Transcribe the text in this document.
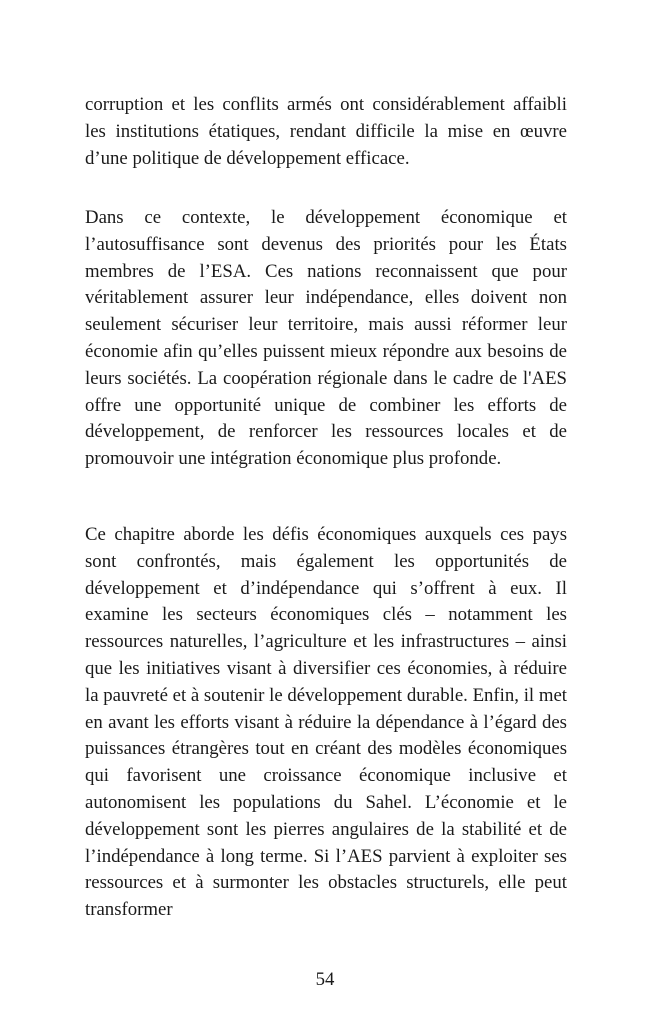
corruption et les conflits armés ont considérablement affaibli les institutions étatiques, rendant difficile la mise en œuvre d’une politique de développement efficace.

Dans ce contexte, le développement économique et l’autosuffisance sont devenus des priorités pour les États membres de l’ESA. Ces nations reconnaissent que pour véritablement assurer leur indépendance, elles doivent non seulement sécuriser leur territoire, mais aussi réformer leur économie afin qu’elles puissent mieux répondre aux besoins de leurs sociétés. La coopération régionale dans le cadre de l'AES offre une opportunité unique de combiner les efforts de développement, de renforcer les ressources locales et de promouvoir une intégration économique plus profonde.

Ce chapitre aborde les défis économiques auxquels ces pays sont confrontés, mais également les opportunités de développement et d’indépendance qui s’offrent à eux. Il examine les secteurs économiques clés – notamment les ressources naturelles, l’agriculture et les infrastructures – ainsi que les initiatives visant à diversifier ces économies, à réduire la pauvreté et à soutenir le développement durable. Enfin, il met en avant les efforts visant à réduire la dépendance à l’égard des puissances étrangères tout en créant des modèles économiques qui favorisent une croissance économique inclusive et autonomisent les populations du Sahel. L’économie et le développement sont les pierres angulaires de la stabilité et de l’indépendance à long terme. Si l’AES parvient à exploiter ses ressources et à surmonter les obstacles structurels, elle peut transformer

54
